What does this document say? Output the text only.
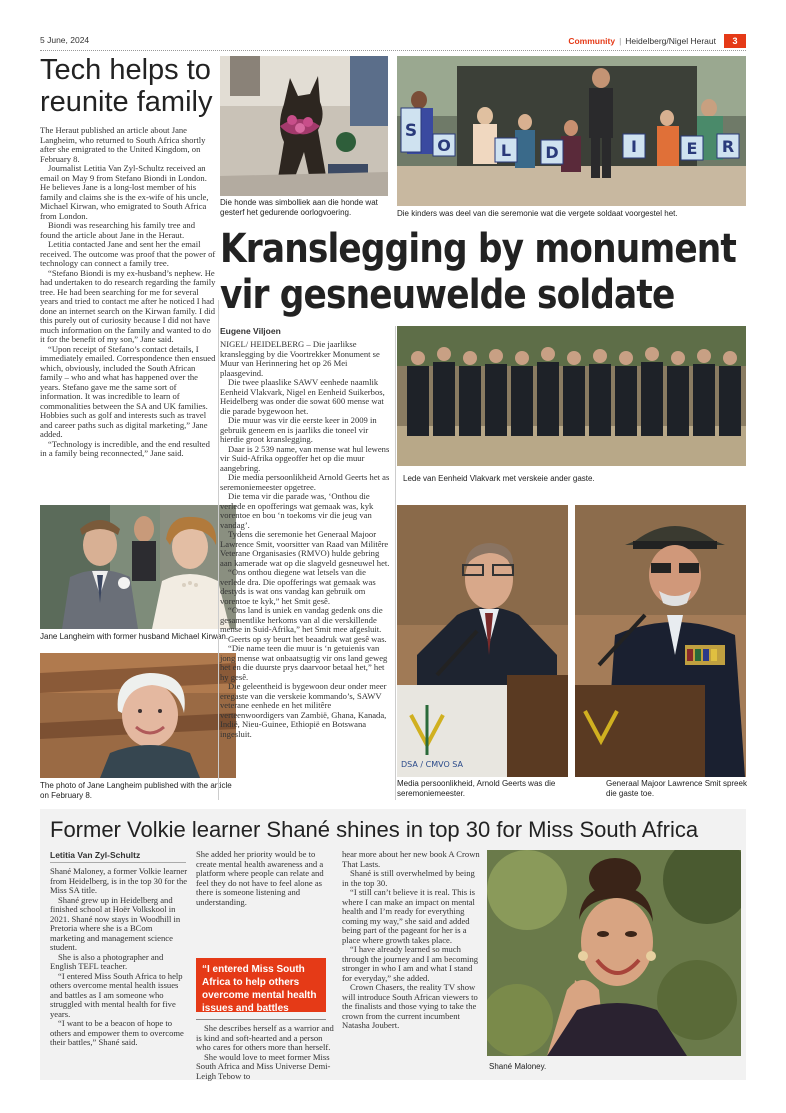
5 June, 2024	Community | Heidelberg/Nigel Heraut	3
Tech helps to reunite family

The Heraut published an article about Jane Langheim, who returned to South Africa shortly after she emigrated to the United Kingdom, on February 8.

Journalist Letitia Van Zyl-Schultz received an email on May 9 from Stefano Biondi in London.

He believes Jane is a long-lost member of his family and claims she is the ex-wife of his uncle, Michael Kirwan, who emigrated to South Africa from London.

Biondi was researching his family tree and found the article about Jane in the Heraut.

Letitia contacted Jane and sent her the email received. The outcome was proof that the power of technology can connect a family tree.

“Stefano Biondi is my ex-husband’s nephew. He had undertaken to do research regarding the family tree. He had been searching for me for several years and tried to contact me after he noticed I had done an internet search on the Kirwan family. I did this purely out of curiosity because I did not have much information on the family and wanted to do it for the benefit of my son,” Jane said.

“Upon receipt of Stefano’s contact details, I immediately emailed. Correspondence then ensued which, obviously, included the South African family – who and what has happened over the years. Stefano gave me the same sort of information. It was incredible to learn of commonalities between the SA and UK families. Hobbies such as golf and interests such as travel and career paths such as digital marketing,” Jane added.

“Technology is incredible, and the end resulted in a family being reconnected,” Jane said.

Jane Langheim with former husband Michael Kirwan.
The photo of Jane Langheim published with the article on February 8.
Die honde was simbolliek aan die honde wat gesterf het gedurende oorlogvoering.
S
O	L D	I	E R
Die kinders was deel van die seremonie wat die vergete soldaat voorgestel het.
Kranslegging by monument
vir gesneuwelde soldate
Eugene Viljoen

NIGEL/ HEIDELBERG – Die jaarlikse kranslegging by die Voortrekker Monument se Muur van Herinnering het op 26 Mei plaasgevind.

Die twee plaaslike SAWV eenhede naamlik Eenheid Vlakvark, Nigel en Eenheid Suikerbos, Heidelberg was onder die sowat 600 mense wat die parade bygewoon het.

Die muur was vir die eerste keer in 2009 in gebruik geneem en is jaarliks die toneel vir hierdie groot kranslegging.

Daar is 2 539 name, van mense wat hul lewens vir Suid-Afrika opgeoffer het op die muur aangebring.

Die media persoonlikheid Arnold Geerts het as seremoniemeester opgetree.

Die tema vir die parade was, ‘Onthou die verlede en opofferings wat gemaak was, kyk vorentoe en bou ‘n toekoms vir die jeug van vandag’.

Tydens die seremonie het Generaal Majoor Lawrence Smit, voorsitter van Raad van Militêre Veterane Organisasies (RMVO) hulde gebring aan kamerade wat op die slagveld gesneuwel het.

“Ons onthou diegene wat letsels van die verlede dra. Die opofferings wat gemaak was destyds is wat ons vandag kan gebruik om vorentoe te kyk,” het Smit gesê.

“Ons land is uniek en vandag gedenk ons die gesamentlike herkoms van al die verskillende mense in Suid-Afrika,” het Smit mee afgesluit.

Geerts op sy beurt het beaadruk wat gesê was.

“Die name teen die muur is ‘n getuienis van jong mense wat onbaatsugtig vir ons land geweg het en die duurste prys daarvoor betaal het,” het hy gesê.

Die geleentheid is bygewoon deur onder meer eregaste van die verskeie kommando’s, SAWV veterane eenhede en het militêre verteenwoordigers van Zambië, Ghana, Kanada, Indië, Nieu-Guinee, Ethiopië en Botswana ingesluit.

Lede van Eenheid Vlakvark met verskeie ander gaste.
DSA / CMVO SA
Media persoonlikheid, Arnold Geerts was die seremoniemeester.
Generaal Majoor Lawrence Smit spreek die gaste toe.
Former Volkie learner Shané shines in top 30 for Miss South Africa
Letitia Van Zyl-Schultz

Shané Maloney, a former Volkie learner from Heidelberg, is in the top 30 for the Miss SA title.

Shané grew up in Heidelberg and finished school at Hoër Volkskool in 2021. Shané now stays in Woodhill in Pretoria where she is a BCom marketing and management science student.

She is also a photographer and English TEFL teacher.

“I entered Miss South Africa to help others overcome mental health issues and battles as I am someone who struggled with mental health for five years.

“I want to be a beacon of hope to others and empower them to overcome their battles,” Shané said.

She added her priority would be to create mental health awareness and a platform where people can relate and feel they do not have to feel alone as there is someone listening and understanding.

“I entered Miss South Africa to help others overcome mental health issues and battles

She describes herself as a warrior and is kind and soft-hearted and a person who cares for others more than herself.

She would love to meet former Miss South Africa and Miss Universe Demi-Leigh Tebow to

hear more about her new book A Crown That Lasts.

Shané is still overwhelmed by being in the top 30.

“I still can’t believe it is real. This is where I can make an impact on mental health and I’m ready for everything coming my way,” she said and added being part of the pageant for her is a place where growth takes place.

“I have already learned so much through the journey and I am becoming stronger in who I am and what I stand for everyday,” she added.

Crown Chasers, the reality TV show will introduce South African viewers to the finalists and those vying to take the crown from the current incumbent Natasha Joubert.

Shané Maloney.
